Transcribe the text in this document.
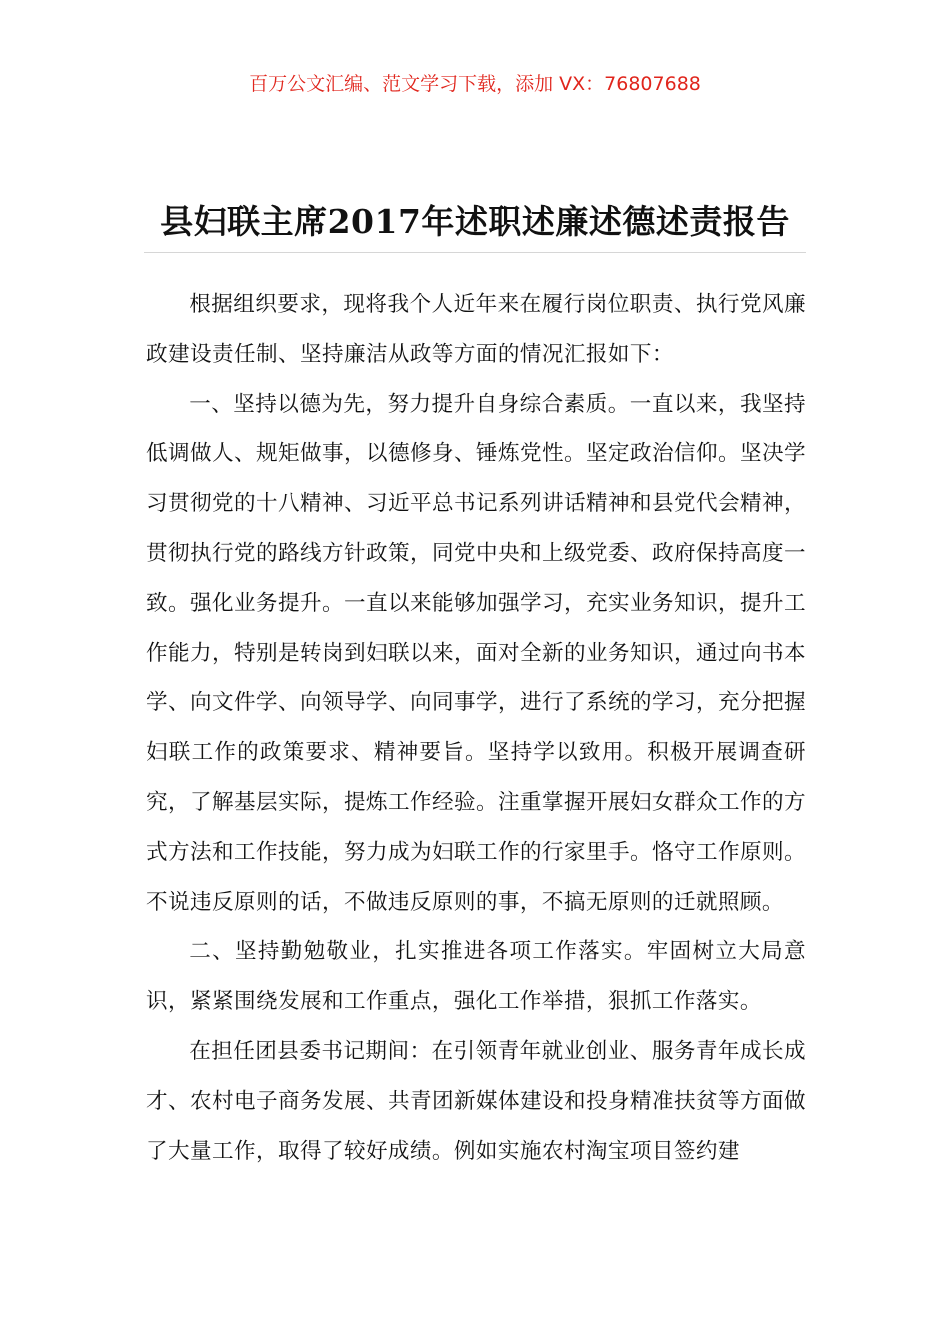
百万公文汇编、范文学习下载，添加 VX：76807688
县妇联主席2017年述职述廉述德述责报告

根据组织要求，现将我个人近年来在履行岗位职责、执行党风廉政建设责任制、坚持廉洁从政等方面的情况汇报如下：

一、坚持以德为先，努力提升自身综合素质。一直以来，我坚持低调做人、规矩做事，以德修身、锤炼党性。坚定政治信仰。坚决学习贯彻党的十八精神、习近平总书记系列讲话精神和县党代会精神，贯彻执行党的路线方针政策，同党中央和上级党委、政府保持高度一致。强化业务提升。一直以来能够加强学习，充实业务知识，提升工作能力，特别是转岗到妇联以来，面对全新的业务知识，通过向书本学、向文件学、向领导学、向同事学，进行了系统的学习，充分把握妇联工作的政策要求、精神要旨。坚持学以致用。积极开展调查研究，了解基层实际，提炼工作经验。注重掌握开展妇女群众工作的方式方法和工作技能，努力成为妇联工作的行家里手。恪守工作原则。不说违反原则的话，不做违反原则的事，不搞无原则的迁就照顾。

二、坚持勤勉敬业，扎实推进各项工作落实。牢固树立大局意识，紧紧围绕发展和工作重点，强化工作举措，狠抓工作落实。

在担任团县委书记期间：在引领青年就业创业、服务青年成长成才、农村电子商务发展、共青团新媒体建设和投身精准扶贫等方面做了大量工作，取得了较好成绩。例如实施农村淘宝项目签约建
